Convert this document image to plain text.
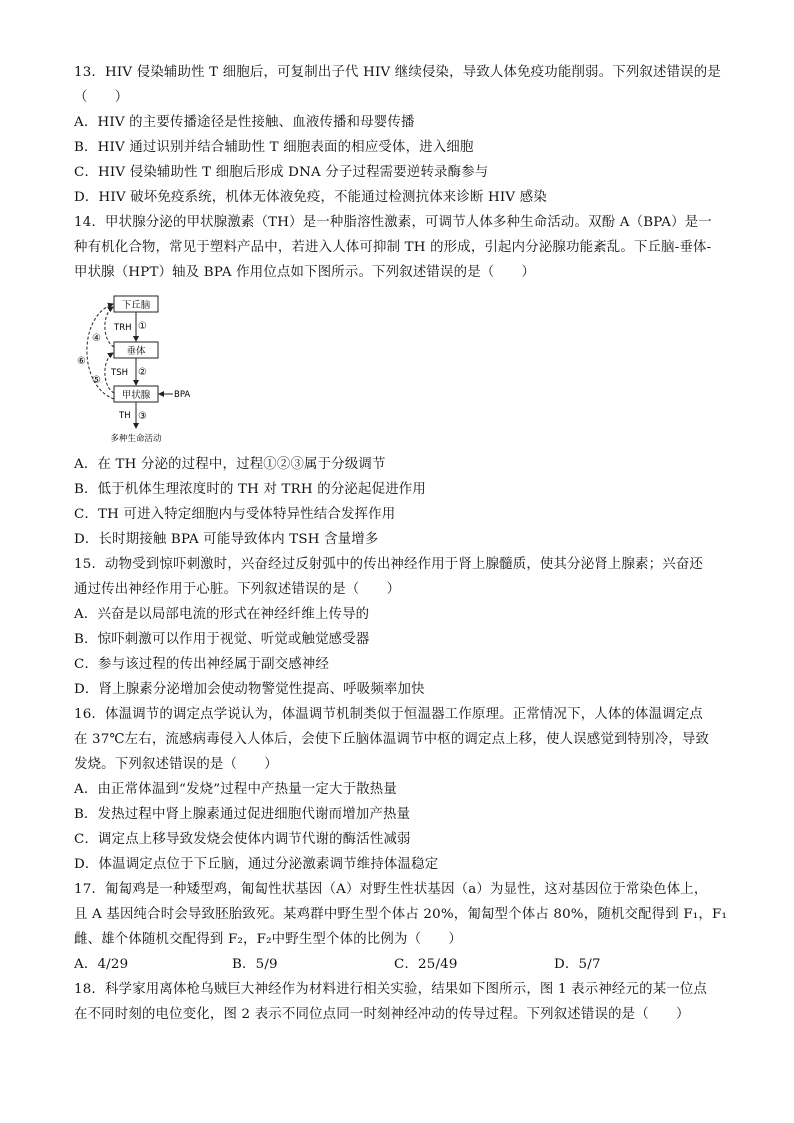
13．HIV 侵染辅助性 T 细胞后，可复制出子代 HIV 继续侵染，导致人体免疫功能削弱。下列叙述错误的是
（　　）
A．HIV 的主要传播途径是性接触、血液传播和母婴传播
B．HIV 通过识别并结合辅助性 T 细胞表面的相应受体，进入细胞
C．HIV 侵染辅助性 T 细胞后形成 DNA 分子过程需要逆转录酶参与
D．HIV 破坏免疫系统，机体无体液免疫，不能通过检测抗体来诊断 HIV 感染
14．甲状腺分泌的甲状腺激素（TH）是一种脂溶性激素，可调节人体多种生命活动。双酚 A（BPA）是一
种有机化合物，常见于塑料产品中，若进入人体可抑制 TH 的形成，引起内分泌腺功能紊乱。下丘脑-垂体-
甲状腺（HPT）轴及 BPA 作用位点如下图所示。下列叙述错误的是（　　）
下丘脑
垂体
甲状腺
TRH ①
TSH ②
TH ③
BPA
④
⑤
⑥
多种生命活动
A．在 TH 分泌的过程中，过程①②③属于分级调节
B．低于机体生理浓度时的 TH 对 TRH 的分泌起促进作用
C．TH 可进入特定细胞内与受体特异性结合发挥作用
D．长时期接触 BPA 可能导致体内 TSH 含量增多
15．动物受到惊吓刺激时，兴奋经过反射弧中的传出神经作用于肾上腺髓质，使其分泌肾上腺素；兴奋还
通过传出神经作用于心脏。下列叙述错误的是（　　）
A．兴奋是以局部电流的形式在神经纤维上传导的
B．惊吓刺激可以作用于视觉、听觉或触觉感受器
C．参与该过程的传出神经属于副交感神经
D．肾上腺素分泌增加会使动物警觉性提高、呼吸频率加快
16．体温调节的调定点学说认为，体温调节机制类似于恒温器工作原理。正常情况下，人体的体温调定点
在 37℃左右，流感病毒侵入人体后，会使下丘脑体温调节中枢的调定点上移，使人误感觉到特别冷，导致
发烧。下列叙述错误的是（　　）
A．由正常体温到“发烧”过程中产热量一定大于散热量
B．发热过程中肾上腺素通过促进细胞代谢而增加产热量
C．调定点上移导致发烧会使体内调节代谢的酶活性减弱
D．体温调定点位于下丘脑，通过分泌激素调节维持体温稳定
17．匍匐鸡是一种矮型鸡，匍匐性状基因（A）对野生性状基因（a）为显性，这对基因位于常染色体上，
且 A 基因纯合时会导致胚胎致死。某鸡群中野生型个体占 20%，匍匐型个体占 80%，随机交配得到 F₁，F₁
雌、雄个体随机交配得到 F₂，F₂中野生型个体的比例为（　　）
A．4/29	B．5/9	C．25/49	D．5/7
18．科学家用离体枪乌贼巨大神经作为材料进行相关实验，结果如下图所示，图 1 表示神经元的某一位点
在不同时刻的电位变化，图 2 表示不同位点同一时刻神经冲动的传导过程。下列叙述错误的是（　　）
